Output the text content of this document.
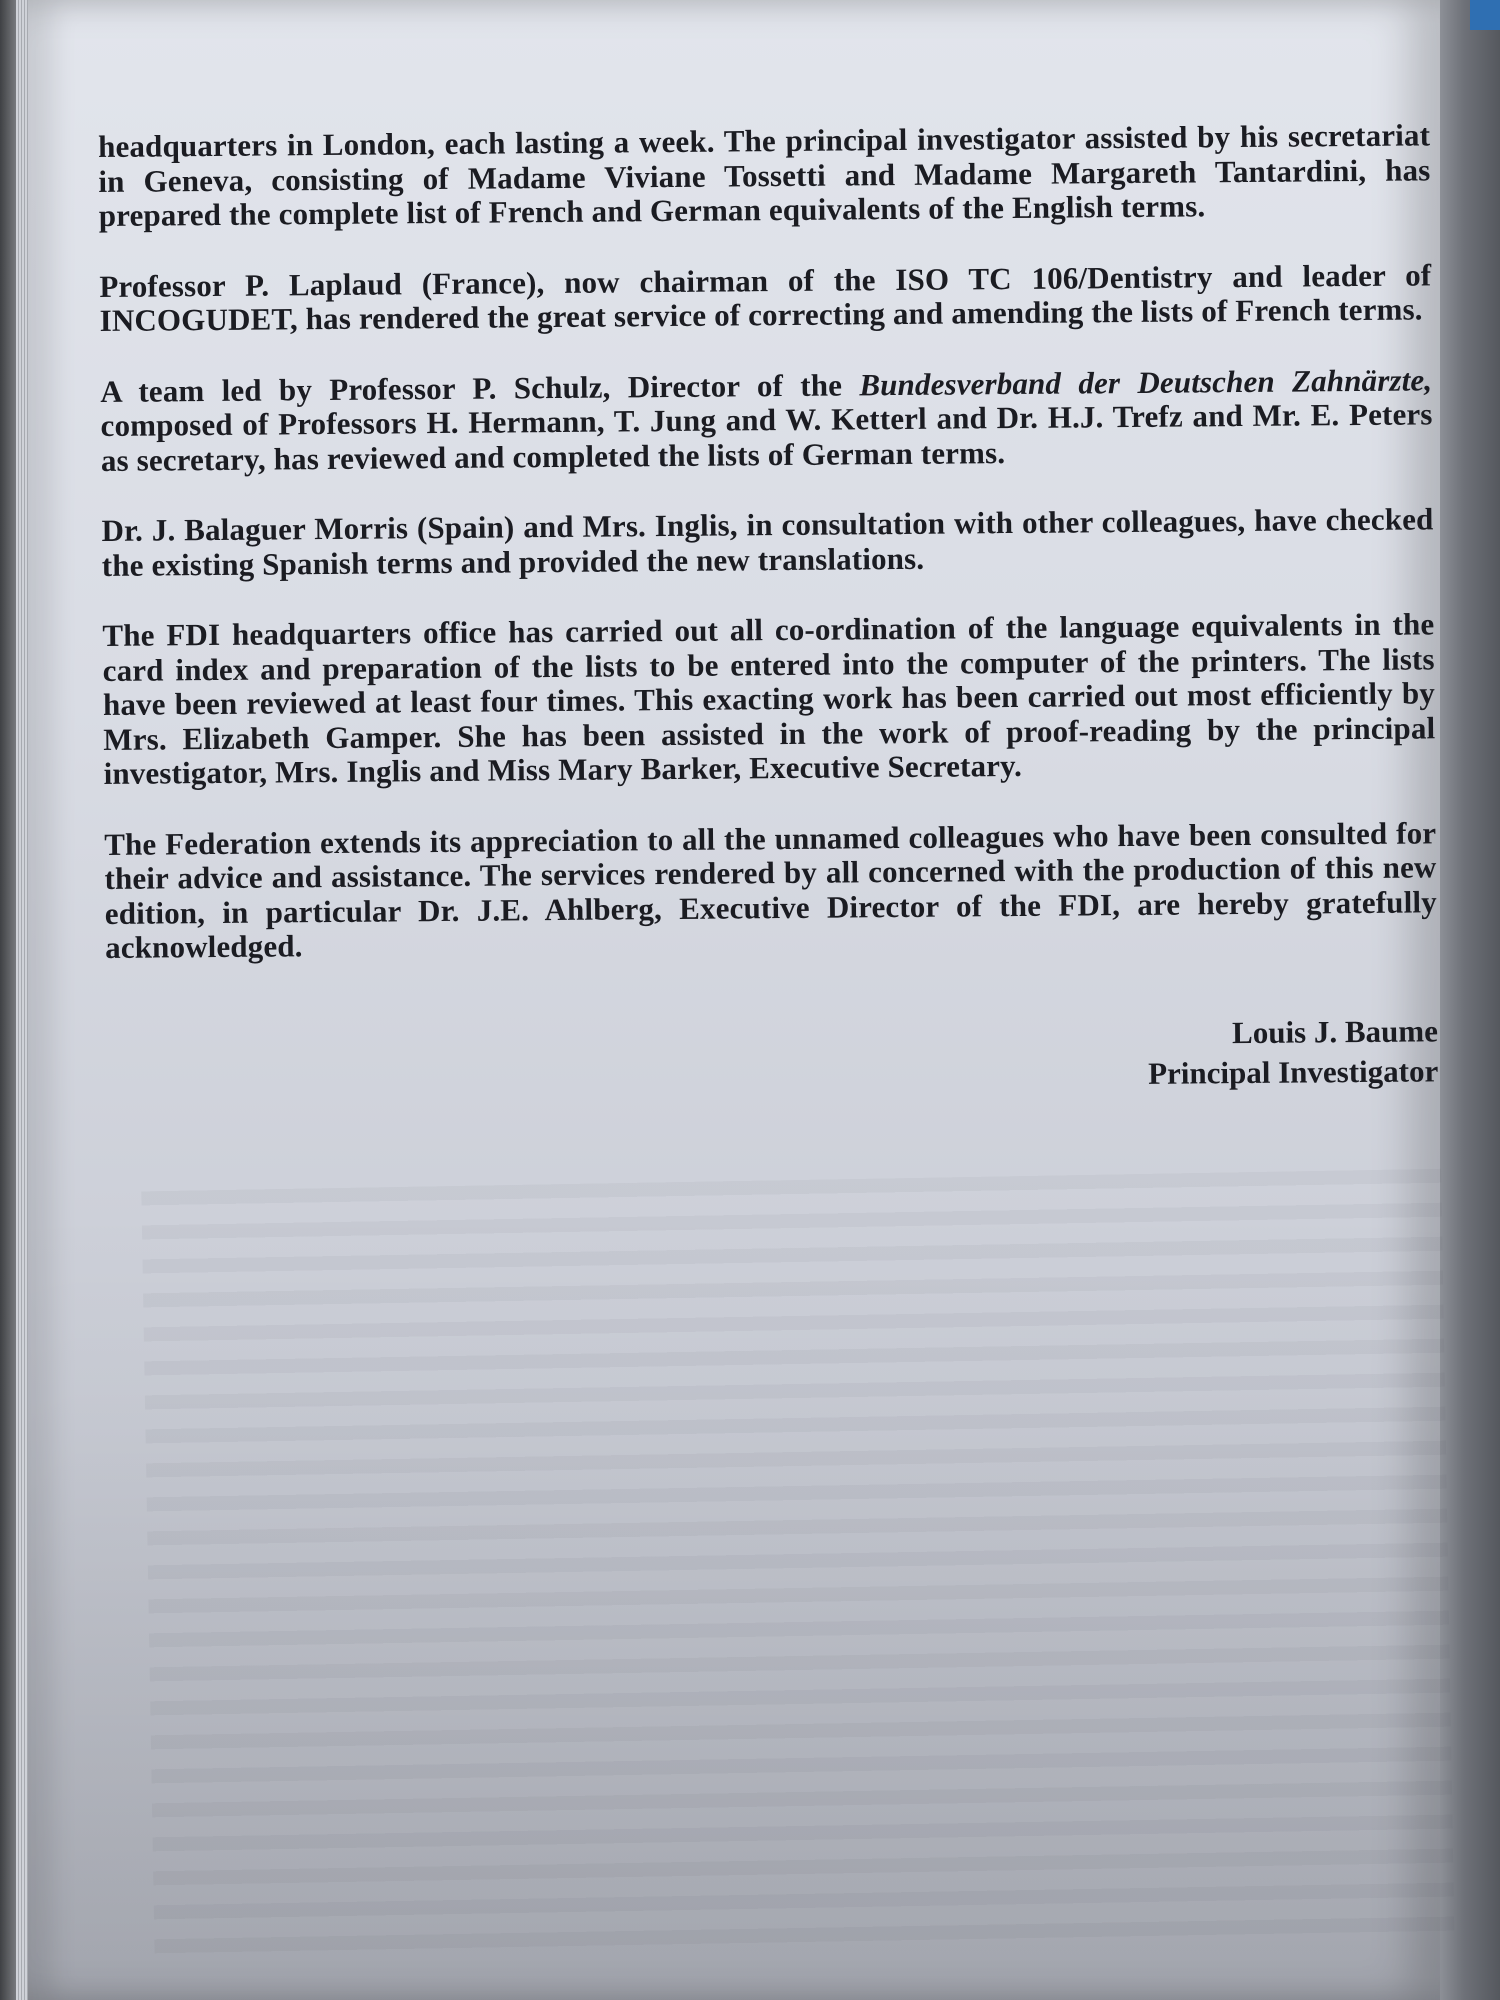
headquarters in London, each lasting a week. The principal investigator assisted by his secretariat in Geneva, consisting of Madame Viviane Tossetti and Madame Margareth Tantardini, has prepared the complete list of French and German equivalents of the English terms.

Professor P. Laplaud (France), now chairman of the ISO TC 106/Dentistry and leader of INCOGUDET, has rendered the great service of correcting and amending the lists of French terms.

A team led by Professor P. Schulz, Director of the Bundesverband der Deutschen Zahnärzte, composed of Professors H. Hermann, T. Jung and W. Ketterl and Dr. H.J. Trefz and Mr. E. Peters as secretary, has reviewed and completed the lists of German terms.

Dr. J. Balaguer Morris (Spain) and Mrs. Inglis, in consultation with other colleagues, have checked the existing Spanish terms and provided the new translations.

The FDI headquarters office has carried out all co-ordination of the language equivalents in the card index and preparation of the lists to be entered into the computer of the printers. The lists have been reviewed at least four times. This exacting work has been carried out most efficiently by Mrs. Elizabeth Gamper. She has been assisted in the work of proof-reading by the principal investigator, Mrs. Inglis and Miss Mary Barker, Executive Secretary.

The Federation extends its appreciation to all the unnamed colleagues who have been consulted for their advice and assistance. The services rendered by all concerned with the production of this new edition, in particular Dr. J.E. Ahlberg, Executive Director of the FDI, are hereby gratefully acknowledged.

Louis J. Baume
Principal Investigator
